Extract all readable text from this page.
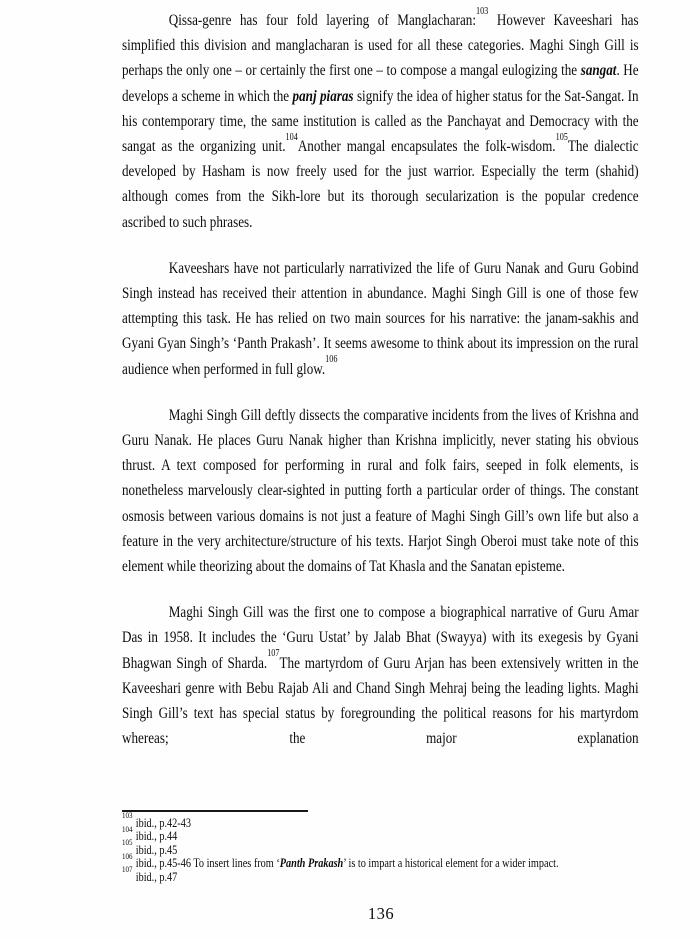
Qissa-genre has four fold layering of Manglacharan:$^{103}$ However Kaveeshari has simplified this division and manglacharan is used for all these categories. Maghi Singh Gill is perhaps the only one – or certainly the first one – to compose a mangal eulogizing the sangat. He develops a scheme in which the panj piaras signify the idea of higher status for the Sat-Sangat. In his contemporary time, the same institution is called as the Panchayat and Democracy with the sangat as the organizing unit.$^{104}$Another mangal encapsulates the folk-wisdom.$^{105}$The dialectic developed by Hasham is now freely used for the just warrior. Especially the term (shahid) although comes from the Sikh-lore but its thorough secularization is the popular credence ascribed to such phrases.

Kaveeshars have not particularly narrativized the life of Guru Nanak and Guru Gobind Singh instead has received their attention in abundance. Maghi Singh Gill is one of those few attempting this task. He has relied on two main sources for his narrative: the janam-sakhis and Gyani Gyan Singh’s ‘Panth Prakash’. It seems awesome to think about its impression on the rural audience when performed in full glow.$^{106}$

Maghi Singh Gill deftly dissects the comparative incidents from the lives of Krishna and Guru Nanak. He places Guru Nanak higher than Krishna implicitly, never stating his obvious thrust. A text composed for performing in rural and folk fairs, seeped in folk elements, is nonetheless marvelously clear-sighted in putting forth a particular order of things. The constant osmosis between various domains is not just a feature of Maghi Singh Gill’s own life but also a feature in the very architecture/structure of his texts. Harjot Singh Oberoi must take note of this element while theorizing about the domains of Tat Khasla and the Sanatan episteme.

Maghi Singh Gill was the first one to compose a biographical narrative of Guru Amar Das in 1958. It includes the ‘Guru Ustat’ by Jalab Bhat (Swayya) with its exegesis by Gyani Bhagwan Singh of Sharda.$^{107}$The martyrdom of Guru Arjan has been extensively written in the Kaveeshari genre with Bebu Rajab Ali and Chand Singh Mehraj being the leading lights. Maghi Singh Gill’s text has special status by foregrounding the political reasons for his martyrdom whereas; the major explanation

$^{103}$ibid., p.42-43
$^{104}$ibid., p.44
$^{105}$ibid., p.45
$^{106}$ibid., p.45-46 To insert lines from ‘Panth Prakash’ is to impart a historical element for a wider impact.
$^{107}$ibid., p.47
136
